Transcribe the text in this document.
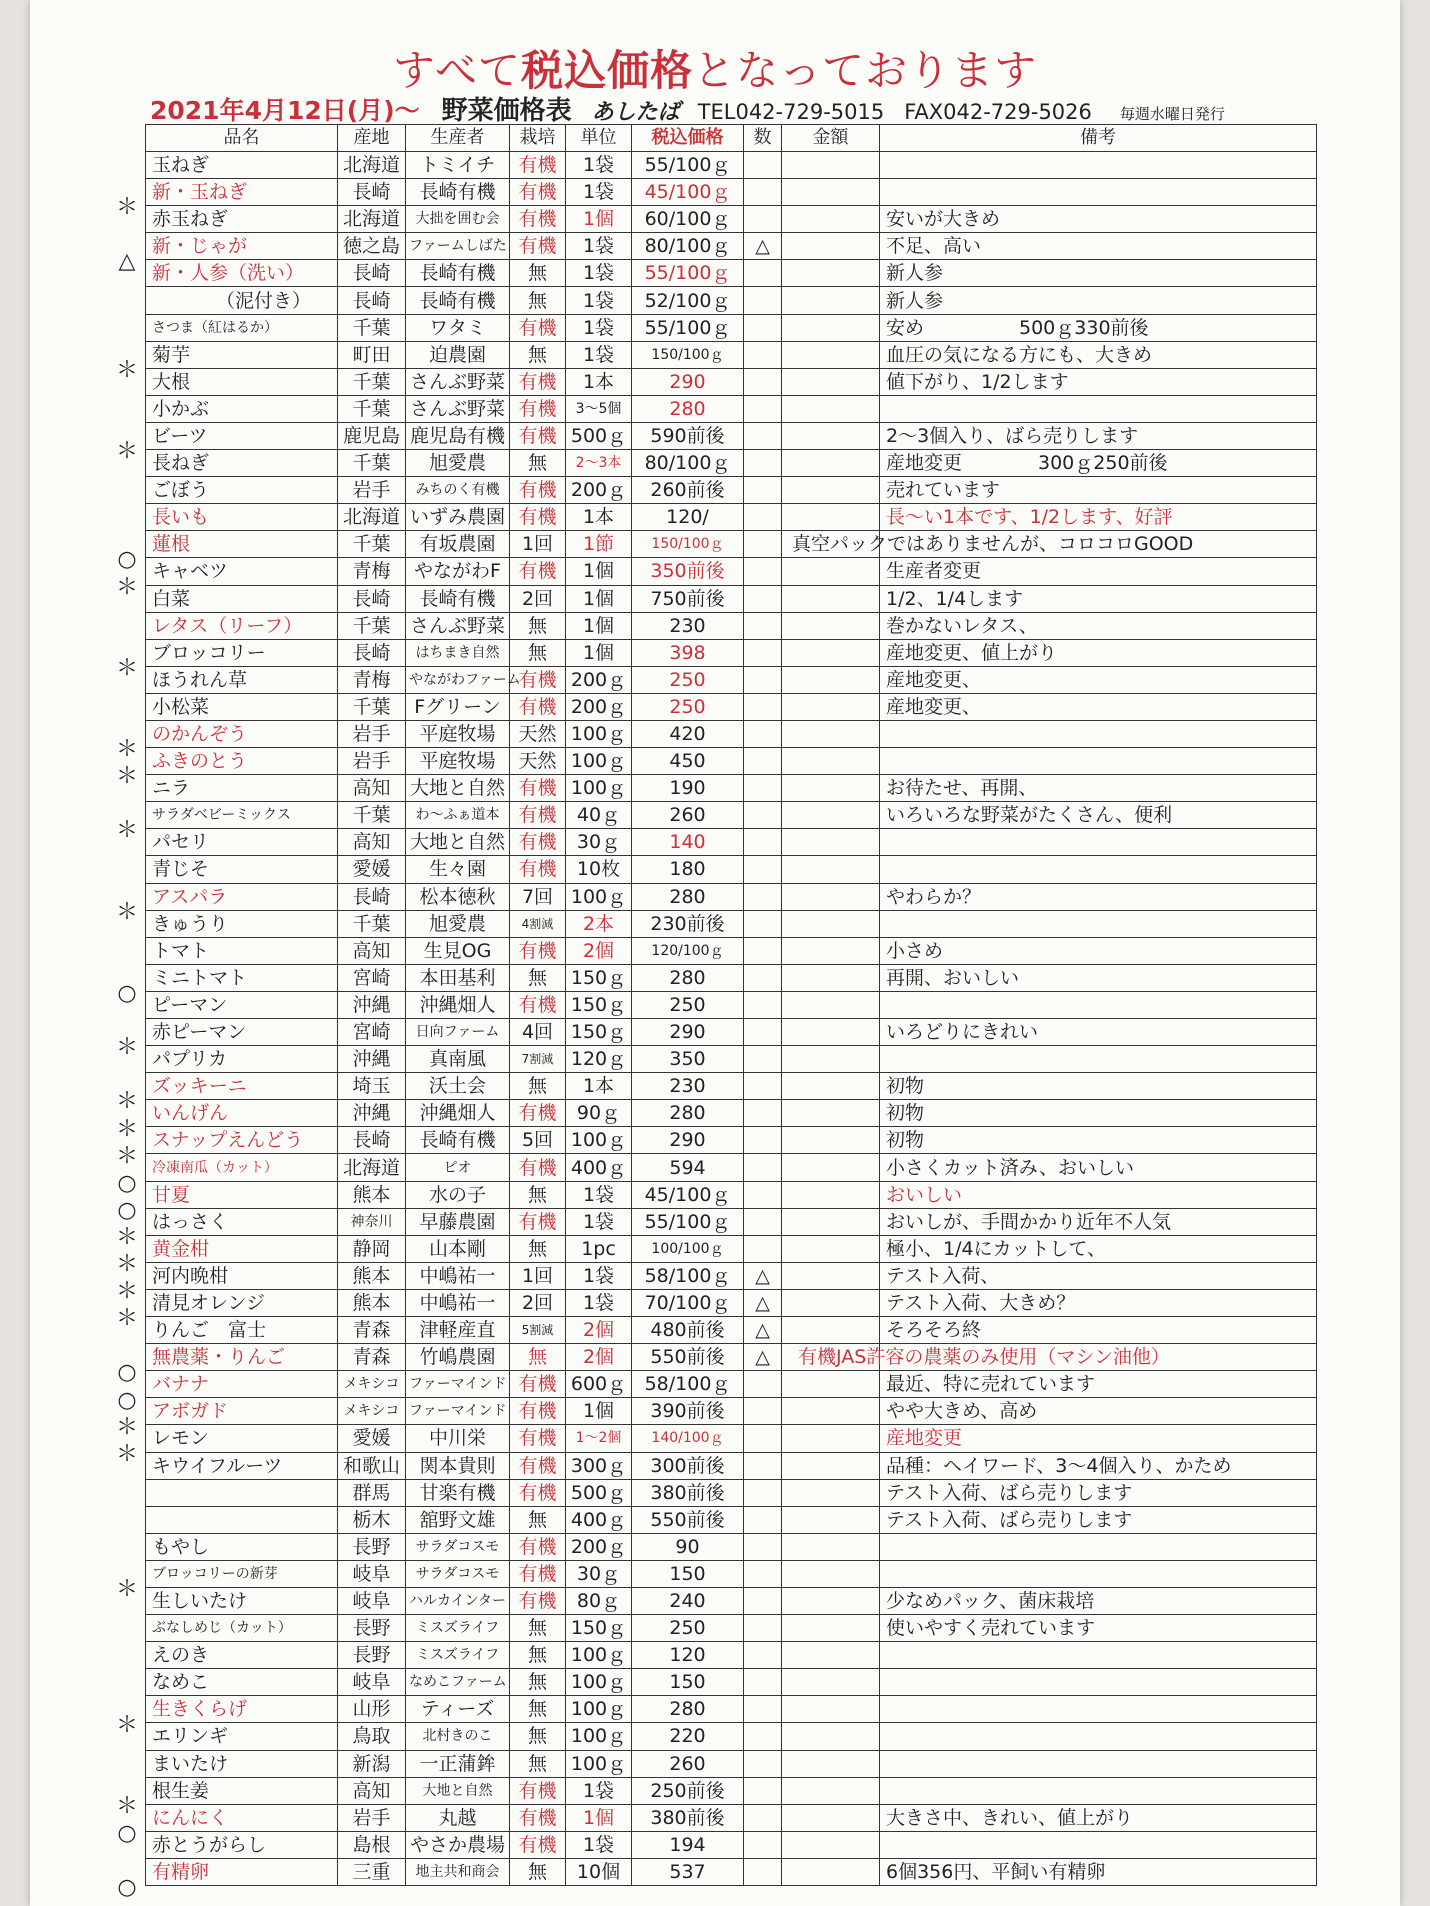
すべて税込価格となっております
2021年4月12日(月)～ 野菜価格表 あしたば TEL042-729-5015 FAX042-729-5026 毎週水曜日発行
品名	産地	生産者	栽培	単位	税込価格	数	金額	備考
玉ねぎ	北海道	トミイチ	有機	1袋	55/100ｇ			
新・玉ねぎ	長崎	長崎有機	有機	1袋	45/100ｇ			
赤玉ねぎ	北海道	大拙を囲む会	有機	1個	60/100ｇ			安いが大きめ
新・じゃが	徳之島	ファームしばた	有機	1袋	80/100ｇ	△		不足、高い
新・人参（洗い）	長崎	長崎有機	無	1袋	55/100ｇ			新人参
（泥付き）	長崎	長崎有機	無	1袋	52/100ｇ			新人参
さつま（紅はるか）	千葉	ワタミ	有機	1袋	55/100ｇ			安め　　　　　500ｇ330前後
菊芋	町田	迫農園	無	1袋	150/100ｇ			血圧の気になる方にも、大きめ
大根	千葉	さんぶ野菜	有機	1本	290			値下がり、1/2します
小かぶ	千葉	さんぶ野菜	有機	3～5個	280			
ビーツ	鹿児島	鹿児島有機	有機	500ｇ	590前後			2～3個入り、ばら売りします
長ねぎ	千葉	旭愛農	無	2～3本	80/100ｇ			産地変更　　　　300ｇ250前後
ごぼう	岩手	みちのく有機	有機	200ｇ	260前後			売れています
長いも	北海道	いずみ農園	有機	1本	120/			長～い1本です、1/2します、好評
蓮根	千葉	有坂農園	1回	1節	150/100ｇ			真空パックではありませんが、コロコロGOOD
キャベツ	青梅	やながわF	有機	1個	350前後			生産者変更
白菜	長崎	長崎有機	2回	1個	750前後			1/2、1/4します
レタス（リーフ）	千葉	さんぶ野菜	無	1個	230			巻かないレタス、
ブロッコリー	長崎	はちまき自然	無	1個	398			産地変更、値上がり
ほうれん草	青梅	やながわファーム	有機	200ｇ	250			産地変更、
小松菜	千葉	Fグリーン	有機	200ｇ	250			産地変更、
のかんぞう	岩手	平庭牧場	天然	100ｇ	420			
ふきのとう	岩手	平庭牧場	天然	100ｇ	450			
ニラ	高知	大地と自然	有機	100ｇ	190			お待たせ、再開、
サラダベビーミックス	千葉	わ～ふぁ道本	有機	40ｇ	260			いろいろな野菜がたくさん、便利
パセリ	高知	大地と自然	有機	30ｇ	140			
青じそ	愛媛	生々園	有機	10枚	180			
アスパラ	長崎	松本徳秋	7回	100ｇ	280			やわらか？
きゅうり	千葉	旭愛農	4割減	2本	230前後			
トマト	高知	生見OG	有機	2個	120/100ｇ			小さめ
ミニトマト	宮崎	本田基利	無	150ｇ	280			再開、おいしい
ピーマン	沖縄	沖縄畑人	有機	150ｇ	250			
赤ピーマン	宮崎	日向ファーム	4回	150ｇ	290			いろどりにきれい
パプリカ	沖縄	真南風	7割減	120ｇ	350			
ズッキーニ	埼玉	沃土会	無	1本	230			初物
いんげん	沖縄	沖縄畑人	有機	90ｇ	280			初物
スナップえんどう	長崎	長崎有機	5回	100ｇ	290			初物
冷凍南瓜（カット）	北海道	ピオ	有機	400ｇ	594			小さくカット済み、おいしい
甘夏	熊本	水の子	無	1袋	45/100ｇ			おいしい
はっさく	神奈川	早藤農園	有機	1袋	55/100ｇ			おいしが、手間かかり近年不人気
黄金柑	静岡	山本剛	無	1pc	100/100ｇ			極小、1/4にカットして、
河内晩柑	熊本	中嶋祐一	1回	1袋	58/100ｇ	△		テスト入荷、
清見オレンジ	熊本	中嶋祐一	2回	1袋	70/100ｇ	△		テスト入荷、大きめ？
りんご　富士	青森	津軽産直	5割減	2個	480前後	△		そろそろ終
無農薬・りんご	青森	竹嶋農園	無	2個	550前後	△		有機JAS許容の農薬のみ使用（マシン油他）
バナナ	メキシコ	ファーマインド	有機	600ｇ	58/100ｇ			最近、特に売れています
アボガド	メキシコ	ファーマインド	有機	1個	390前後			やや大きめ、高め
レモン	愛媛	中川栄	有機	1～2個	140/100ｇ			産地変更
キウイフルーツ	和歌山	関本貴則	有機	300ｇ	300前後			品種：ヘイワード、3～4個入り、かため
	群馬	甘楽有機	有機	500ｇ	380前後			テスト入荷、ばら売りします
	栃木	舘野文雄	無	400ｇ	550前後			テスト入荷、ばら売りします
もやし	長野	サラダコスモ	有機	200ｇ	90			
ブロッコリーの新芽	岐阜	サラダコスモ	有機	30ｇ	150			
生しいたけ	岐阜	ハルカインター	有機	80ｇ	240			少なめパック、菌床栽培
ぶなしめじ（カット）	長野	ミスズライフ	無	150ｇ	250			使いやすく売れています
えのき	長野	ミスズライフ	無	100ｇ	120			
なめこ	岐阜	なめこファーム	無	100ｇ	150			
生きくらげ	山形	ティーズ	無	100ｇ	280			
エリンギ	鳥取	北村きのこ	無	100ｇ	220			
まいたけ	新潟	一正蒲鉾	無	100ｇ	260			
根生姜	高知	大地と自然	有機	1袋	250前後			
にんにく	岩手	丸越	有機	1個	380前後			大きさ中、きれい、値上がり
赤とうがらし	島根	やさか農場	有機	1袋	194			
有精卵	三重	地主共和商会	無	10個	537			6個356円、平飼い有精卵
＊
△
＊
＊
○
＊
＊
＊
＊
＊
＊
○
＊
＊
＊
＊
○
○
＊
＊
＊
＊
○
○
＊
＊
＊
＊
＊
○
○
